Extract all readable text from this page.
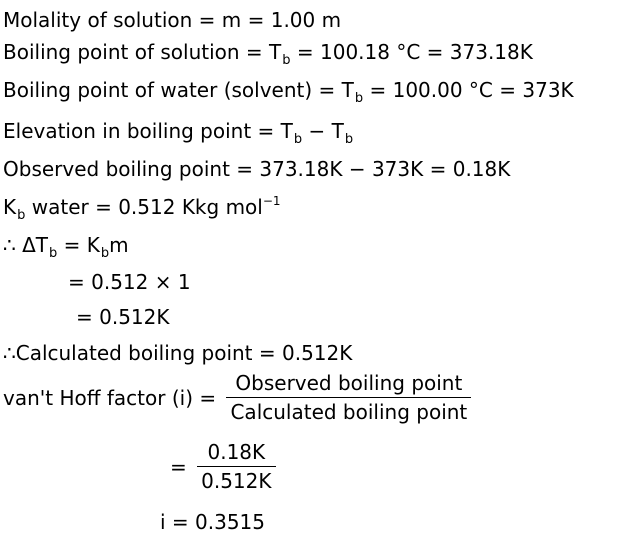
Molality of solution = m = 1.00 m
Boiling point of solution = $T_b = 100.18$ °C = 373.18K
Boiling point of water (solvent) = $T_b = 100.00$ °C = 373K
Elevation in boiling point = $T_b - T_b$
Observed boiling point = 373.18K − 373K = 0.18K
$K_b$ water = 0.512 Kkg mol$^{-1}$
∴ $\Delta T_b = K_bm$
= 0.512 × 1
= 0.512K
∴Calculated boiling point = 0.512K
van't Hoff factor $(i) = \frac{\text{Observed boiling point}}{\text{Calculated boiling point}}$
= $\frac{0.18K}{0.512K}$
i = 0.3515
